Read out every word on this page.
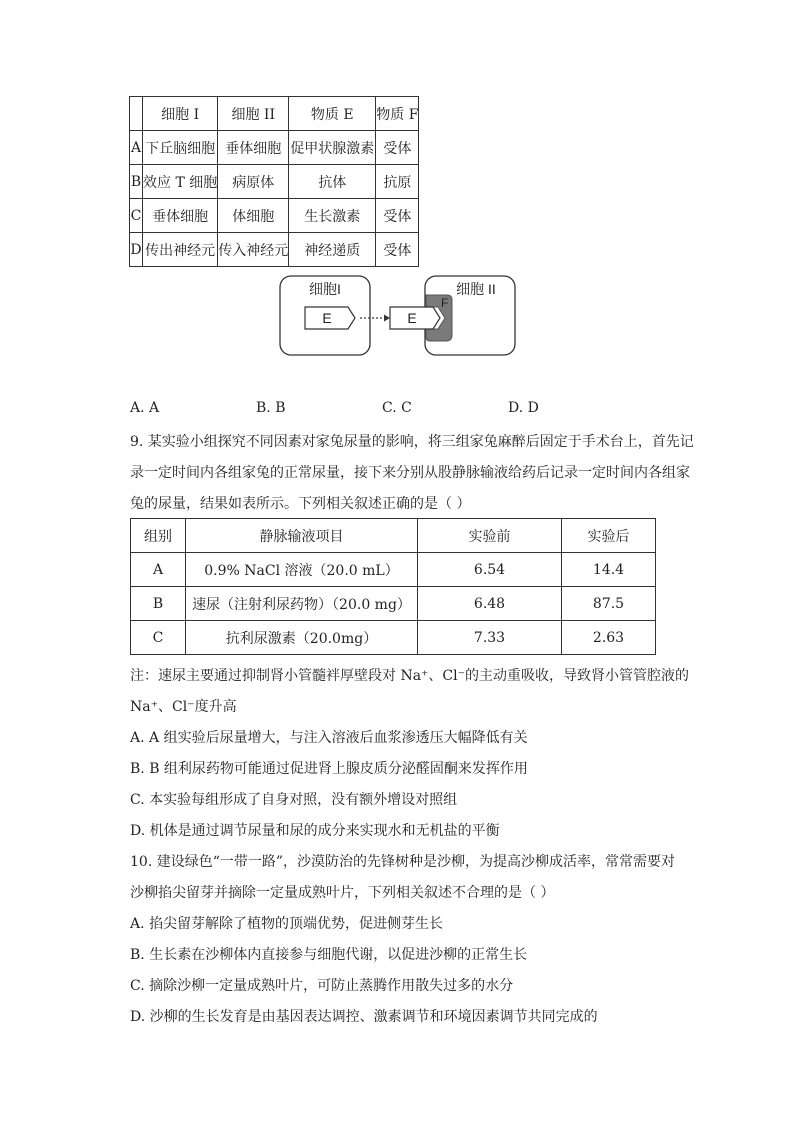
	细胞 I	细胞 II	物质 E	物质 F
A	下丘脑细胞	垂体细胞	促甲状腺激素	受体
B	效应 T 细胞	病原体	抗体	抗原
C	垂体细胞	体细胞	生长激素	受体
D	传出神经元	传入神经元	神经递质	受体
细胞I
E
细胞 II
F
E
A. A	B. B	C. C	D. D
9. 某实验小组探究不同因素对家兔尿量的影响，将三组家兔麻醉后固定于手术台上，首先记
录一定时间内各组家兔的正常尿量，接下来分别从股静脉输液给药后记录一定时间内各组家
兔的尿量，结果如表所示。下列相关叙述正确的是（ ）
组别	静脉输液项目	实验前	实验后
A	0.9% NaCl 溶液（20.0 mL）	6.54	14.4
B	速尿（注射利尿药物）（20.0 mg）	6.48	87.5
C	抗利尿激素（20.0mg）	7.33	2.63
注：速尿主要通过抑制肾小管髓袢厚壁段对 Na⁺、Cl⁻的主动重吸收，导致肾小管管腔液的
Na⁺、Cl⁻度升高
A. A 组实验后尿量增大，与注入溶液后血浆渗透压大幅降低有关
B. B 组利尿药物可能通过促进肾上腺皮质分泌醛固酮来发挥作用
C. 本实验每组形成了自身对照，没有额外增设对照组
D. 机体是通过调节尿量和尿的成分来实现水和无机盐的平衡
10. 建设绿色“一带一路”，沙漠防治的先锋树种是沙柳，为提高沙柳成活率，常常需要对
沙柳掐尖留芽并摘除一定量成熟叶片，下列相关叙述不合理的是（ ）
A. 掐尖留芽解除了植物的顶端优势，促进侧芽生长
B. 生长素在沙柳体内直接参与细胞代谢，以促进沙柳的正常生长
C. 摘除沙柳一定量成熟叶片，可防止蒸腾作用散失过多的水分
D. 沙柳的生长发育是由基因表达调控、激素调节和环境因素调节共同完成的
